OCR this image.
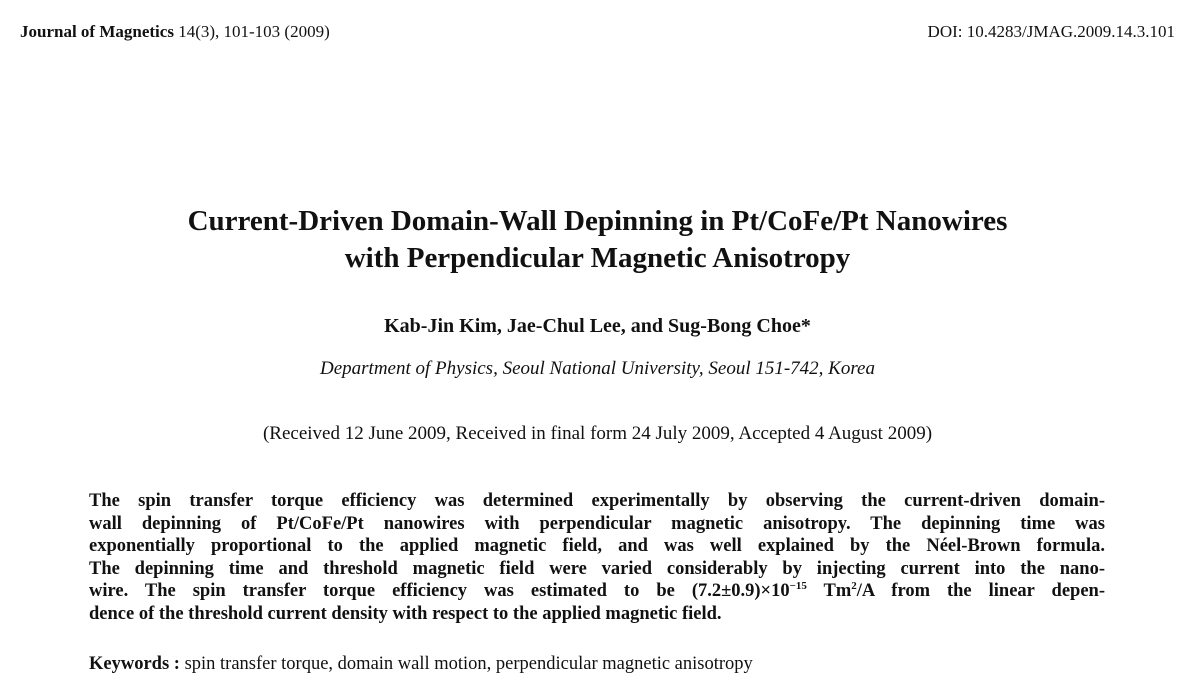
Journal of Magnetics 14(3), 101-103 (2009)	DOI: 10.4283/JMAG.2009.14.3.101
Current-Driven Domain-Wall Depinning in Pt/CoFe/Pt Nanowires
with Perpendicular Magnetic Anisotropy
Kab-Jin Kim, Jae-Chul Lee, and Sug-Bong Choe*
Department of Physics, Seoul National University, Seoul 151-742, Korea
(Received 12 June 2009, Received in final form 24 July 2009, Accepted 4 August 2009)
The spin transfer torque efficiency was determined experimentally by observing the current-driven domain-
wall depinning of Pt/CoFe/Pt nanowires with perpendicular magnetic anisotropy. The depinning time was
exponentially proportional to the applied magnetic field, and was well explained by the Néel-Brown formula.
The depinning time and threshold magnetic field were varied considerably by injecting current into the nano-
wire. The spin transfer torque efficiency was estimated to be $(7.2\pm 0.9)\times 10^{-15}$ Tm$^2$/A from the linear depen-
dence of the threshold current density with respect to the applied magnetic field.
Keywords : spin transfer torque, domain wall motion, perpendicular magnetic anisotropy
